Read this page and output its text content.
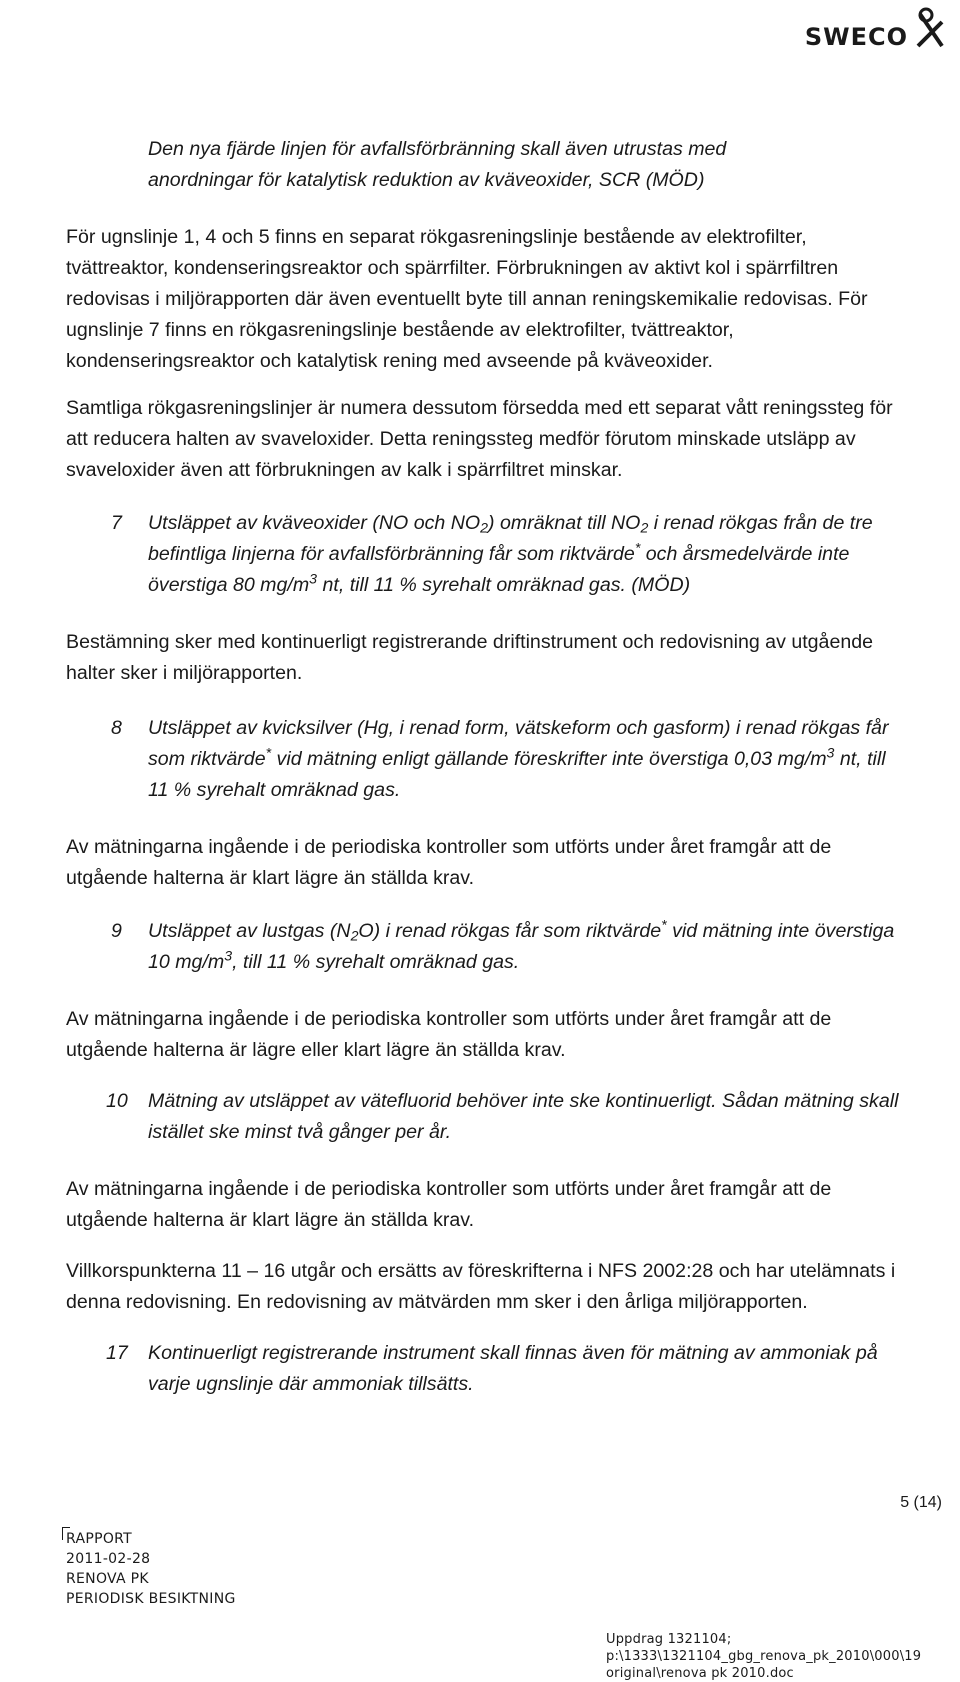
SWECO

Den nya fjärde linjen för avfallsförbränning skall även utrustas med
anordningar för katalytisk reduktion av kväveoxider, SCR (MÖD)

För ugnslinje 1, 4 och 5 finns en separat rökgasreningslinje bestående av elektrofilter, tvättreaktor, kondenseringsreaktor och spärrfilter. Förbrukningen av aktivt kol i spärrfiltren redovisas i miljörapporten där även eventuellt byte till annan reningskemikalie redovisas. För ugnslinje 7 finns en rökgasreningslinje bestående av elektrofilter, tvättreaktor, kondenseringsreaktor och katalytisk rening med avseende på kväveoxider.

Samtliga rökgasreningslinjer är numera dessutom försedda med ett separat vått reningssteg för att reducera halten av svaveloxider. Detta reningssteg medför förutom minskade utsläpp av svaveloxider även att förbrukningen av kalk i spärrfiltret minskar.

7 Utsläppet av kväveoxider (NO och $NO_2$) omräknat till $NO_2$ i renad rökgas från de tre befintliga linjerna för avfallsförbränning får som riktvärde* och årsmedelvärde inte överstiga 80 $mg/m^3$ nt, till 11 % syrehalt omräknad gas. (MÖD)

Bestämning sker med kontinuerligt registrerande driftinstrument och redovisning av utgående halter sker i miljörapporten.

8 Utsläppet av kvicksilver (Hg, i renad form, vätskeform och gasform) i renad rökgas får som riktvärde* vid mätning enligt gällande föreskrifter inte överstiga 0,03 $mg/m^3$ nt, till 11 % syrehalt omräknad gas.

Av mätningarna ingående i de periodiska kontroller som utförts under året framgår att de utgående halterna är klart lägre än ställda krav.

9 Utsläppet av lustgas $(N_2O)$ i renad rökgas får som riktvärde* vid mätning inte överstiga 10 $mg/m^3$, till 11 % syrehalt omräknad gas.

Av mätningarna ingående i de periodiska kontroller som utförts under året framgår att de utgående halterna är lägre eller klart lägre än ställda krav.

10 Mätning av utsläppet av vätefluorid behöver inte ske kontinuerligt. Sådan mätning skall istället ske minst två gånger per år.

Av mätningarna ingående i de periodiska kontroller som utförts under året framgår att de utgående halterna är klart lägre än ställda krav.

Villkorspunkterna 11 – 16 utgår och ersätts av föreskrifterna i NFS 2002:28 och har utelämnats i denna redovisning. En redovisning av mätvärden mm sker i den årliga miljörapporten.

17 Kontinuerligt registrerande instrument skall finnas även för mätning av ammoniak på varje ugnslinje där ammoniak tillsätts.

5 (14)
RAPPORT
2011-02-28
RENOVA PK
PERIODISK BESIKTNING
Uppdrag 1321104;
p:\1333\1321104_gbg_renova_pk_2010\000\19 original\renova pk 2010.doc
